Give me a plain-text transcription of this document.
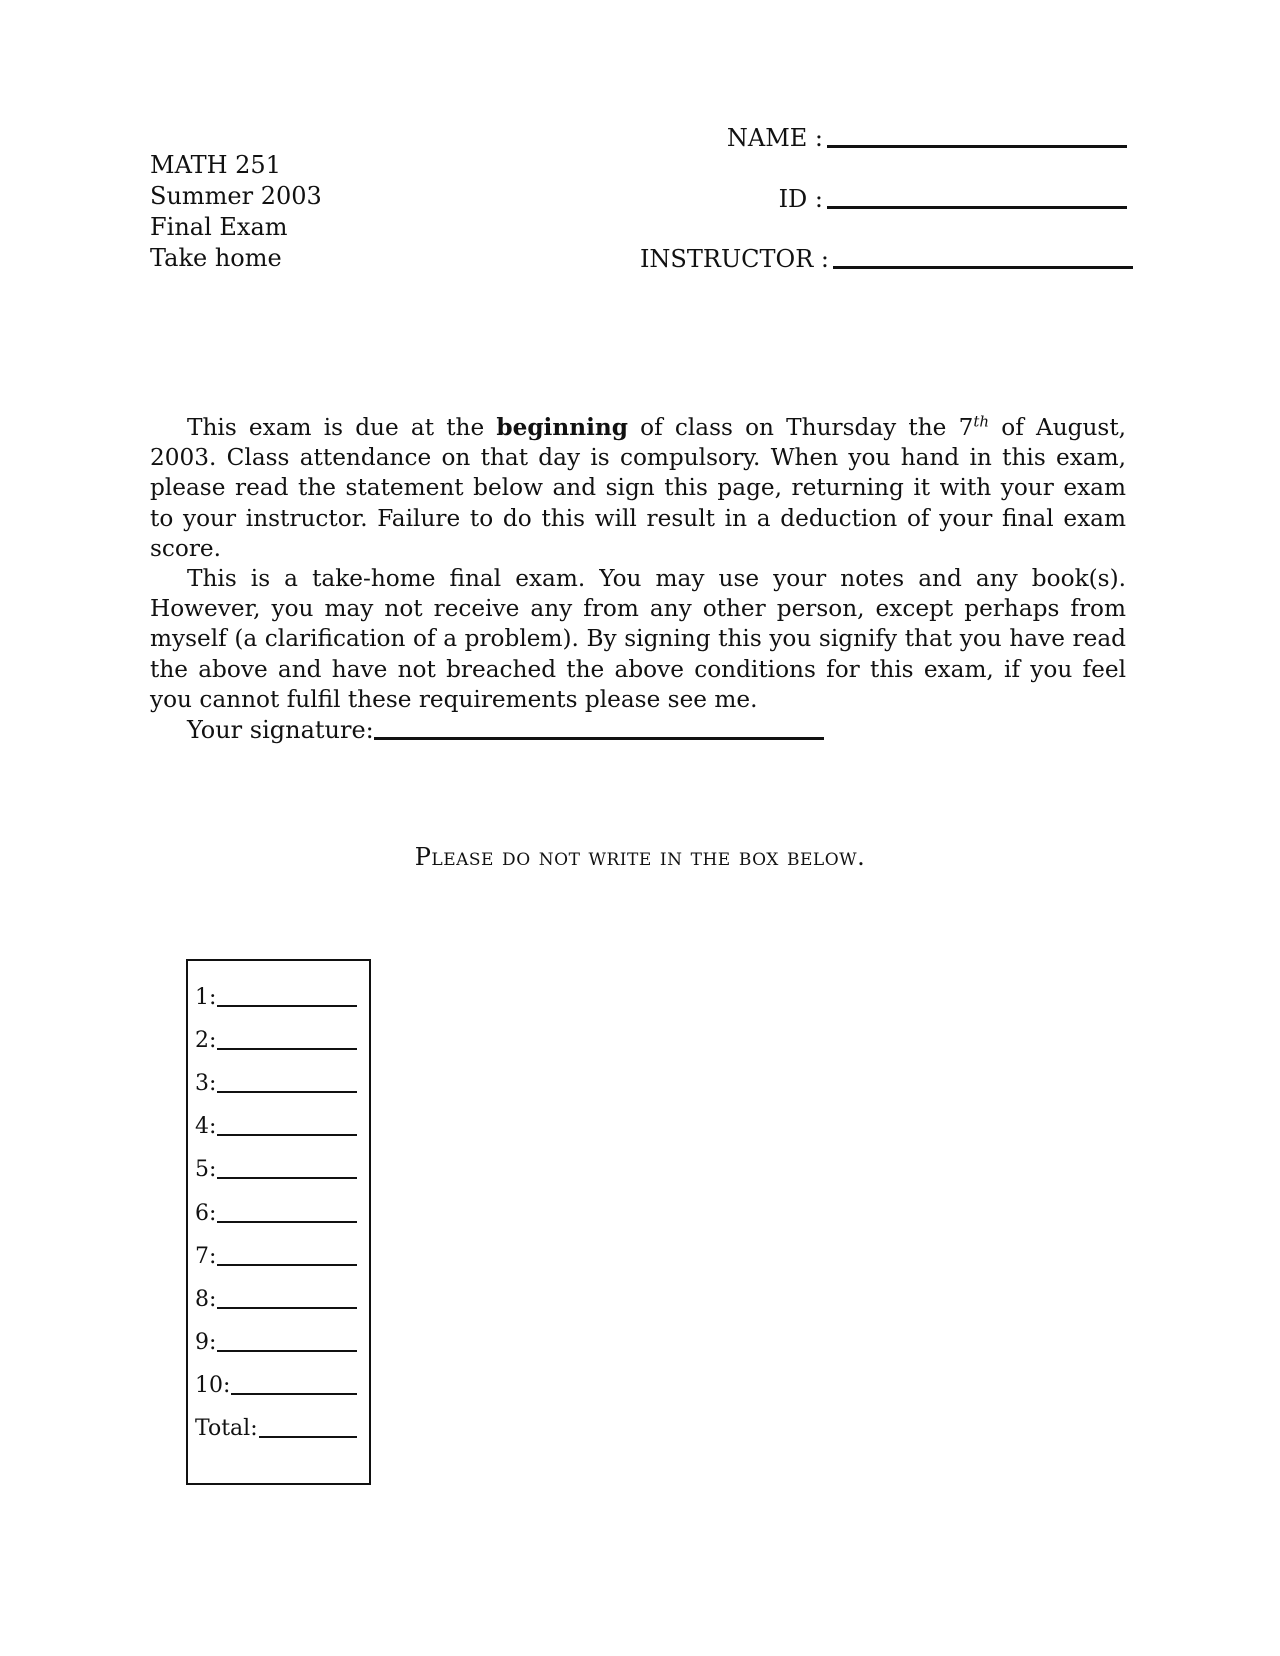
MATH 251
Summer 2003
Final Exam
Take home
NAME :
ID :
INSTRUCTOR :

This exam is due at the beginning of class on Thursday the 7th of August, 2003. Class attendance on that day is compulsory. When you hand in this exam, please read the statement below and sign this page, returning it with your exam to your instructor. Failure to do this will result in a deduction of your final exam score.

This is a take-home final exam. You may use your notes and any book(s). However, you may not receive any from any other person, except perhaps from myself (a clarification of a problem). By signing this you signify that you have read the above and have not breached the above conditions for this exam, if you feel you cannot fulfil these requirements please see me.

Your signature:
Please do not write in the box below.
1:
2:
3:
4:
5:
6:
7:
8:
9:
10:
Total:
